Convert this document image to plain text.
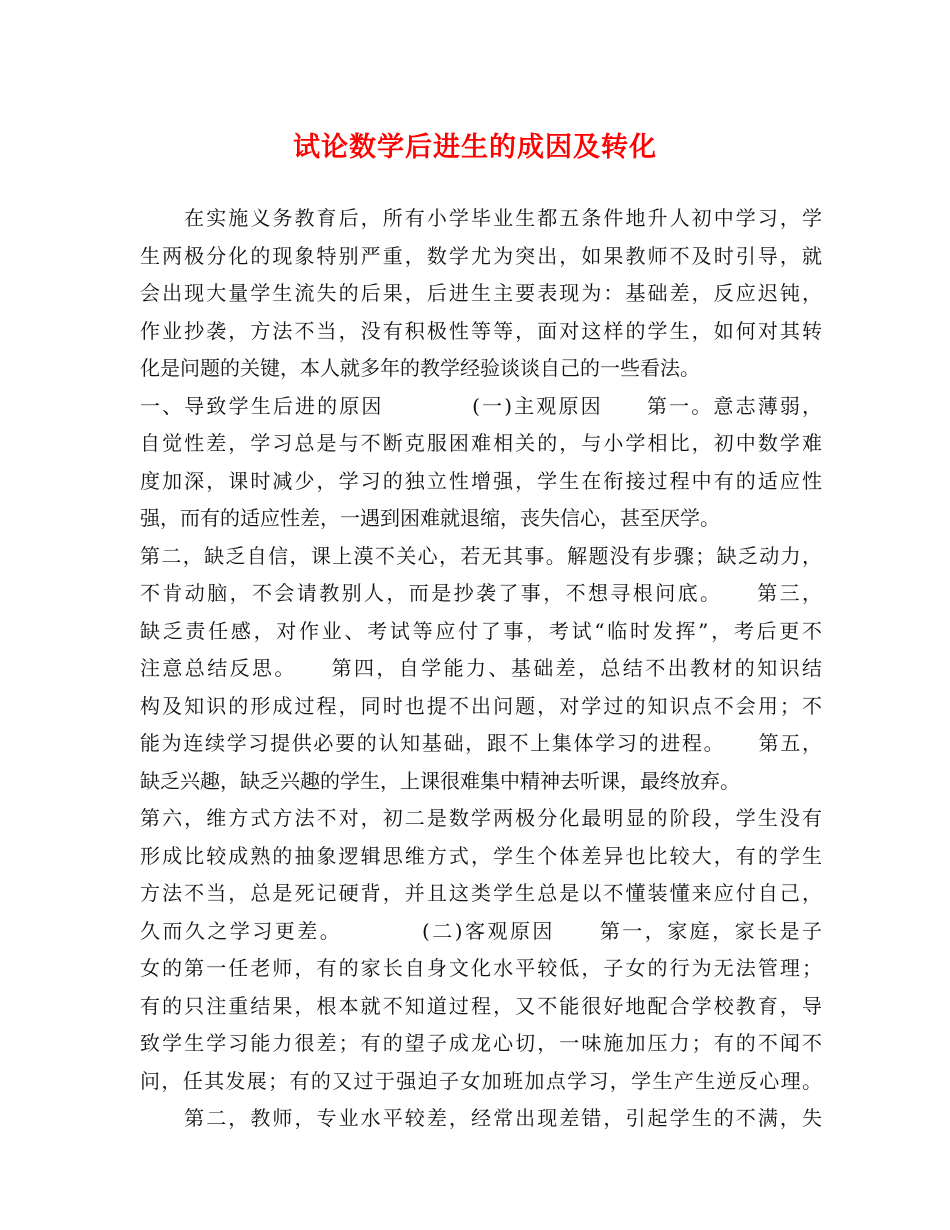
试论数学后进生的成因及转化
　　在实施义务教育后，所有小学毕业生都五条件地升人初中学习，学
生两极分化的现象特别严重，数学尤为突出，如果教师不及时引导，就
会出现大量学生流失的后果，后进生主要表现为：基础差，反应迟钝，
作业抄袭，方法不当，没有积极性等等，面对这样的学生，如何对其转
化是问题的关键，本人就多年的教学经验谈谈自己的一些看法。
一、导致学生后进的原因　　　　(一)主观原因　　第一。意志薄弱，
自觉性差，学习总是与不断克服困难相关的，与小学相比，初中数学难
度加深，课时减少，学习的独立性增强，学生在衔接过程中有的适应性
强，而有的适应性差，一遇到困难就退缩，丧失信心，甚至厌学。
第二，缺乏自信，课上漠不关心，若无其事。解题没有步骤；缺乏动力，
不肯动脑，不会请教别人，而是抄袭了事，不想寻根问底。　　第三，
缺乏责任感，对作业、考试等应付了事，考试“临时发挥”，考后更不
注意总结反思。　　第四，自学能力、基础差，总结不出教材的知识结
构及知识的形成过程，同时也提不出问题，对学过的知识点不会用；不
能为连续学习提供必要的认知基础，跟不上集体学习的进程。　　第五，
缺乏兴趣，缺乏兴趣的学生，上课很难集中精神去听课，最终放弃。
第六，维方式方法不对，初二是数学两极分化最明显的阶段，学生没有
形成比较成熟的抽象逻辑思维方式，学生个体差异也比较大，有的学生
方法不当，总是死记硬背，并且这类学生总是以不懂装懂来应付自己，
久而久之学习更差。　　　　(二)客观原因　　第一，家庭，家长是子
女的第一任老师，有的家长自身文化水平较低，子女的行为无法管理；
有的只注重结果，根本就不知道过程，又不能很好地配合学校教育，导
致学生学习能力很差；有的望子成龙心切，一味施加压力；有的不闻不
问，任其发展；有的又过于强迫子女加班加点学习，学生产生逆反心理。
　　第二，教师，专业水平较差，经常出现差错，引起学生的不满，失
